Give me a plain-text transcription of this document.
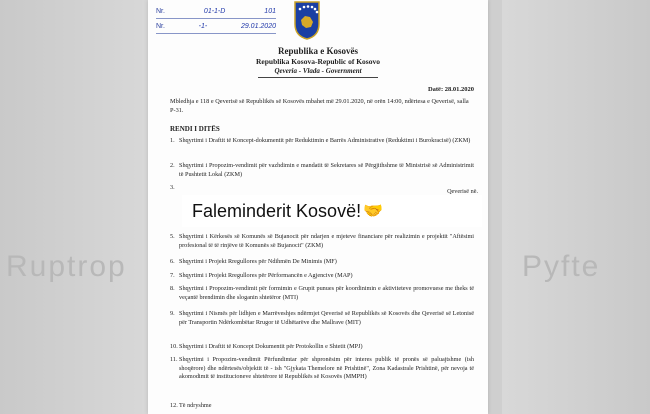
Ruptrop	Pyfte
Nr.	01-1-D	101
Nr.	-1-	29.01.2020
Republika e Kosovës
Republika Kosova-Republic of Kosovo
Qeveria - Vlada - Government
Datë: 28.01.2020
Mbledhja e 118 e Qeverisë së Republikës së Kosovës mbahet më 29.01.2020, në orën 14:00, ndërtesa e Qeverisë, salla P-31.
RENDI I DITËS
1. Shqyrtimi i Draftit të Koncept-dokumentit për Reduktimin e Barrës Administrative (Reduktimi i Burokracisë) (ZKM)
2. Shqyrtimi i Propozim-vendimit për vazhdimin e mandatit të Sekretares së Përgjithshme të Ministrisë së Administrimit të Pushtetit Lokal (ZKM)
3.
Qeverisë në.
5. Shqyrtimi i Kërkesës së Komunës së Bujanocit për ndarjen e mjeteve financiare për realizimin e projektit "Aftësimi profesional të të rinjëve të Komunës së Bujanocit" (ZKM)
6. Shqyrtimi i Projekt Rregullores për Ndihmën De Minimis (MF)
7. Shqyrtimi i Projekt Rregullores për Përformancën e Agjencive (MAP)
8. Shqyrtimi i Propozim-vendimit për formimin e Grupit punues për koordinimin e aktiviteteve promovuese me theks të veçantë brendimin dhe sloganin shtetëror (MTI)
9. Shqyrtimi i Nismës për lidhjen e Marrëveshjes ndërmjet Qeverisë së Republikës së Kosovës dhe Qeverisë së Letonisë për Transportin Ndërkombëtar Rrugor të Udhëtarëve dhe Mallrave (MIT)
10. Shqyrtimi i Draftit të Koncept Dokumentit për Protokollin e Shtetit (MPJ)
11. Shqyrtimi i Propozim-vendimit Përfundimtar për shpronësim për interes publik të pronës së paluajtshme (ish shoqërore) dhe ndërtesës/objektit të - ish "Gjykata Themelore në Prishtinë", Zona Kadastrale Prishtinë, për nevoja të akomodimit të institucioneve shtetërore të Republikës së Kosovës (MMPH)
12. Të ndryshme
Faleminderit Kosovë! 🤝
